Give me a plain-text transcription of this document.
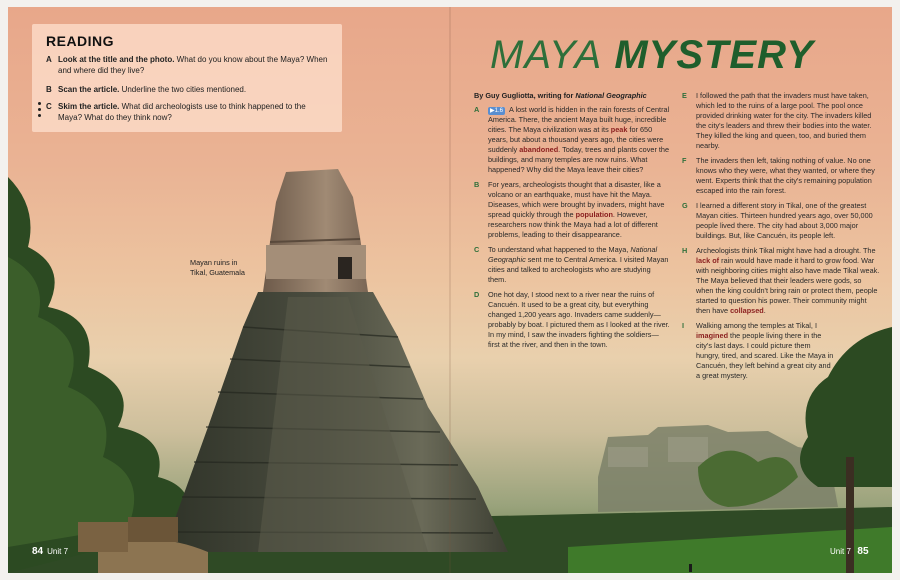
READING
A Look at the title and the photo. What do you know about the Maya? When and where did they live?
B Scan the article. Underline the two cities mentioned.
C Skim the article. What did archeologists use to think happened to the Maya? What do they think now?
Mayan ruins in
Tikal, Guatemala
MAYA MYSTERY
By Guy Gugliotta, writing for National Geographic
A ▶⁠1.6 A lost world is hidden in the rain forests of Central America. There, the ancient Maya built huge, incredible cities. The Maya civilization was at its peak for 650 years, but about a thousand years ago, the cities were suddenly abandoned. Today, trees and plants cover the buildings, and many temples are now ruins. What happened? Why did the Maya leave their cities?
B For years, archeologists thought that a disaster, like a volcano or an earthquake, must have hit the Maya. Diseases, which were brought by invaders, might have spread quickly through the population. However, researchers now think the Maya had a lot of different problems, leading to their disappearance.
C To understand what happened to the Maya, National Geographic sent me to Central America. I visited Mayan cities and talked to archeologists who are studying them.
D One hot day, I stood next to a river near the ruins of Cancuén. It used to be a great city, but everything changed 1,200 years ago. Invaders came suddenly—probably by boat. I pictured them as I looked at the river. In my mind, I saw the invaders fighting the soldiers—first at the river, and then in the town.
E I followed the path that the invaders must have taken, which led to the ruins of a large pool. The pool once provided drinking water for the city. The invaders killed the city's leaders and threw their bodies into the water. They killed the king and queen, too, and buried them nearby.
F The invaders then left, taking nothing of value. No one knows who they were, what they wanted, or where they went. Experts think that the city's remaining population escaped into the rain forest.
G I learned a different story in Tikal, one of the greatest Mayan cities. Thirteen hundred years ago, over 50,000 people lived there. The city had about 3,000 major buildings. But, like Cancuén, its people left.
H Archeologists think Tikal might have had a drought. The lack of rain would have made it hard to grow food. War with neighboring cities might also have made Tikal weak. The Maya believed that their leaders were gods, so when the king couldn't bring rain or protect them, people started to question his power. Their community might then have collapsed.
I Walking among the temples at Tikal, I imagined the people living there in the city's last days. I could picture them hungry, tired, and scared. Like the Maya in Cancuén, they left behind a great city and a great mystery.
84 Unit 7	Unit 7 85
